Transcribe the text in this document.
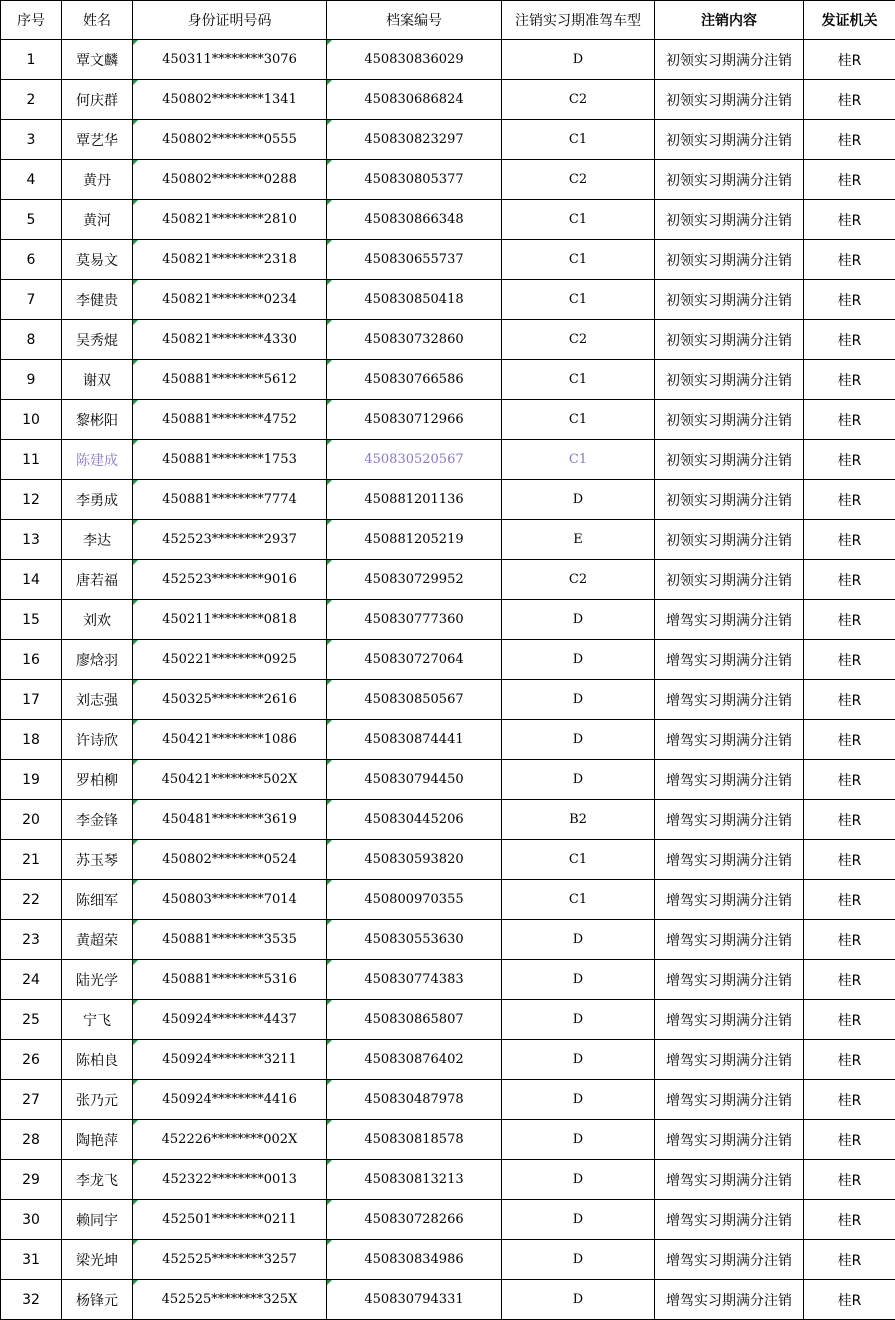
序号	姓名	身份证明号码	档案编号	注销实习期准驾车型	注销内容	发证机关
1	覃文麟	450311********3076	450830836029	D	初领实习期满分注销	桂R
2	何庆群	450802********1341	450830686824	C2	初领实习期满分注销	桂R
3	覃艺华	450802********0555	450830823297	C1	初领实习期满分注销	桂R
4	黄丹	450802********0288	450830805377	C2	初领实习期满分注销	桂R
5	黄河	450821********2810	450830866348	C1	初领实习期满分注销	桂R
6	莫易文	450821********2318	450830655737	C1	初领实习期满分注销	桂R
7	李健贵	450821********0234	450830850418	C1	初领实习期满分注销	桂R
8	吴秀焜	450821********4330	450830732860	C2	初领实习期满分注销	桂R
9	谢双	450881********5612	450830766586	C1	初领实习期满分注销	桂R
10	黎彬阳	450881********4752	450830712966	C1	初领实习期满分注销	桂R
11	陈建成	450881********1753	450830520567	C1	初领实习期满分注销	桂R
12	李勇成	450881********7774	450881201136	D	初领实习期满分注销	桂R
13	李达	452523********2937	450881205219	E	初领实习期满分注销	桂R
14	唐若福	452523********9016	450830729952	C2	初领实习期满分注销	桂R
15	刘欢	450211********0818	450830777360	D	增驾实习期满分注销	桂R
16	廖焓羽	450221********0925	450830727064	D	增驾实习期满分注销	桂R
17	刘志强	450325********2616	450830850567	D	增驾实习期满分注销	桂R
18	许诗欣	450421********1086	450830874441	D	增驾实习期满分注销	桂R
19	罗柏柳	450421********502X	450830794450	D	增驾实习期满分注销	桂R
20	李金锋	450481********3619	450830445206	B2	增驾实习期满分注销	桂R
21	苏玉琴	450802********0524	450830593820	C1	增驾实习期满分注销	桂R
22	陈细军	450803********7014	450800970355	C1	增驾实习期满分注销	桂R
23	黄超荣	450881********3535	450830553630	D	增驾实习期满分注销	桂R
24	陆光学	450881********5316	450830774383	D	增驾实习期满分注销	桂R
25	宁飞	450924********4437	450830865807	D	增驾实习期满分注销	桂R
26	陈柏良	450924********3211	450830876402	D	增驾实习期满分注销	桂R
27	张乃元	450924********4416	450830487978	D	增驾实习期满分注销	桂R
28	陶艳萍	452226********002X	450830818578	D	增驾实习期满分注销	桂R
29	李龙飞	452322********0013	450830813213	D	增驾实习期满分注销	桂R
30	赖同宇	452501********0211	450830728266	D	增驾实习期满分注销	桂R
31	梁光坤	452525********3257	450830834986	D	增驾实习期满分注销	桂R
32	杨锋元	452525********325X	450830794331	D	增驾实习期满分注销	桂R
